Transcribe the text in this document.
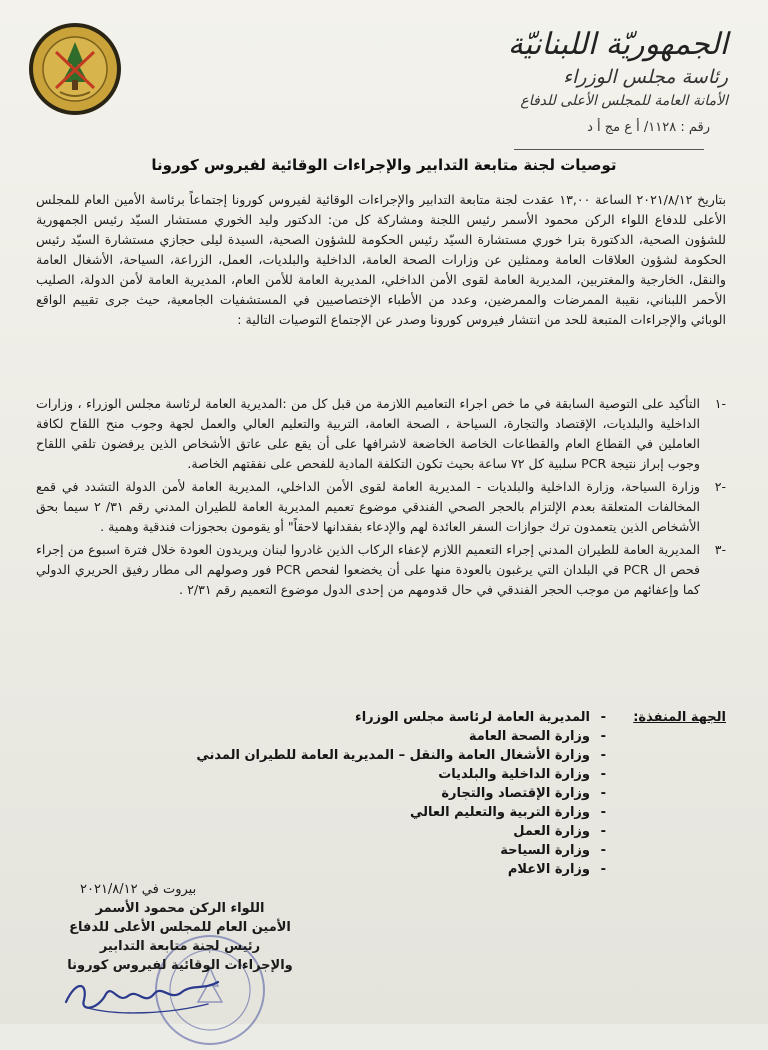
الجمهوريّة اللبنانيّة
رئاسة مجلس الوزراء
الأمانة العامة للمجلس الأعلى للدفاع
رقم : ١١٢٨/ أ ع مج أ د
توصيات لجنة متابعة التدابير والإجراءات الوقائية لفيروس كورونا

بتاريخ ٢٠٢١/٨/١٢ الساعة ١٣,٠٠ عقدت لجنة متابعة التدابير والإجراءات الوقائية لفيروس كورونا إجتماعاً برئاسة الأمين العام للمجلس الأعلى للدفاع اللواء الركن محمود الأسمر رئيس اللجنة ومشاركة كل من: الدكتور وليد الخوري مستشار السيّد رئيس الجمهورية للشؤون الصحية، الدكتورة بترا خوري مستشارة السيّد رئيس الحكومة للشؤون الصحية، السيدة ليلى حجازي مستشارة السيّد رئيس الحكومة لشؤون العلاقات العامة وممثلين عن وزارات الصحة العامة، الداخلية والبلديات، العمل، الزراعة، السياحة، الأشغال العامة والنقل، الخارجية والمغتربين، المديرية العامة لقوى الأمن الداخلي، المديرية العامة للأمن العام، المديرية العامة لأمن الدولة، الصليب الأحمر اللبناني، نقيبة الممرضات والممرضين، وعدد من الأطباء الإختصاصيين في المستشفيات الجامعية، حيث جرى تقييم الواقع الوبائي والإجراءات المتبعة للحد من انتشار فيروس كورونا وصدر عن الإجتماع التوصيات التالية :

-١
التأكيد على التوصية السابقة في ما خص اجراء التعاميم اللازمة من قبل كل من :المديرية العامة لرئاسة مجلس الوزراء ، وزارات الداخلية والبلديات، الإقتصاد والتجارة، السياحة ، الصحة العامة، التربية والتعليم العالي والعمل لجهة وجوب منح اللقاح لكافة العاملين في القطاع العام والقطاعات الخاصة الخاضعة لاشرافها على أن يقع على عاتق الأشخاص الذين يرفضون تلقي اللقاح وجوب إبراز نتيجة PCR سلبية كل ٧٢ ساعة بحيث تكون التكلفة المادية للفحص على نفقتهم الخاصة.
-٢
وزارة السياحة، وزارة الداخلية والبلديات - المديرية العامة لقوى الأمن الداخلي، المديرية العامة لأمن الدولة التشدد في قمع المخالفات المتعلقة بعدم الإلتزام بالحجر الصحي الفندقي موضوع تعميم المديرية العامة للطيران المدني رقم ٣١/ ٢ سيما بحق الأشخاص الذين يتعمدون ترك جوازات السفر العائدة لهم والإدعاء بفقدانها لاحقاً" أو يقومون بحجوزات فندقية وهمية .
-٣
المديرية العامة للطيران المدني إجراء التعميم اللازم لإعفاء الركاب الذين غادروا لبنان ويريدون العودة خلال فترة اسبوع من إجراء فحص ال PCR في البلدان التي يرغبون بالعودة منها على أن يخضعوا لفحص PCR فور وصولهم الى مطار رفيق الحريري الدولي كما وإعفائهم من موجب الحجر الفندقي في حال قدومهم من إحدى الدول موضوع التعميم رقم ٢/٣١ .
الجهة المنفذة:
-
المديرية العامة لرئاسة مجلس الوزراء
-
وزارة الصحة العامة
-
وزارة الأشغال العامة والنقل – المديرية العامة للطيران المدني
-
وزارة الداخلية والبلديات
-
وزارة الإقتصاد والتجارة
-
وزارة التربية والتعليم العالي
-
وزارة العمل
-
وزارة السياحة
-
وزارة الاعلام
بيروت في ٢٠٢١/٨/١٢
اللواء الركن محمود الأسمر
الأمين العام للمجلس الأعلى للدفاع
رئيس لجنة متابعة التدابير
والإجراءات الوقائية لفيروس كورونا
